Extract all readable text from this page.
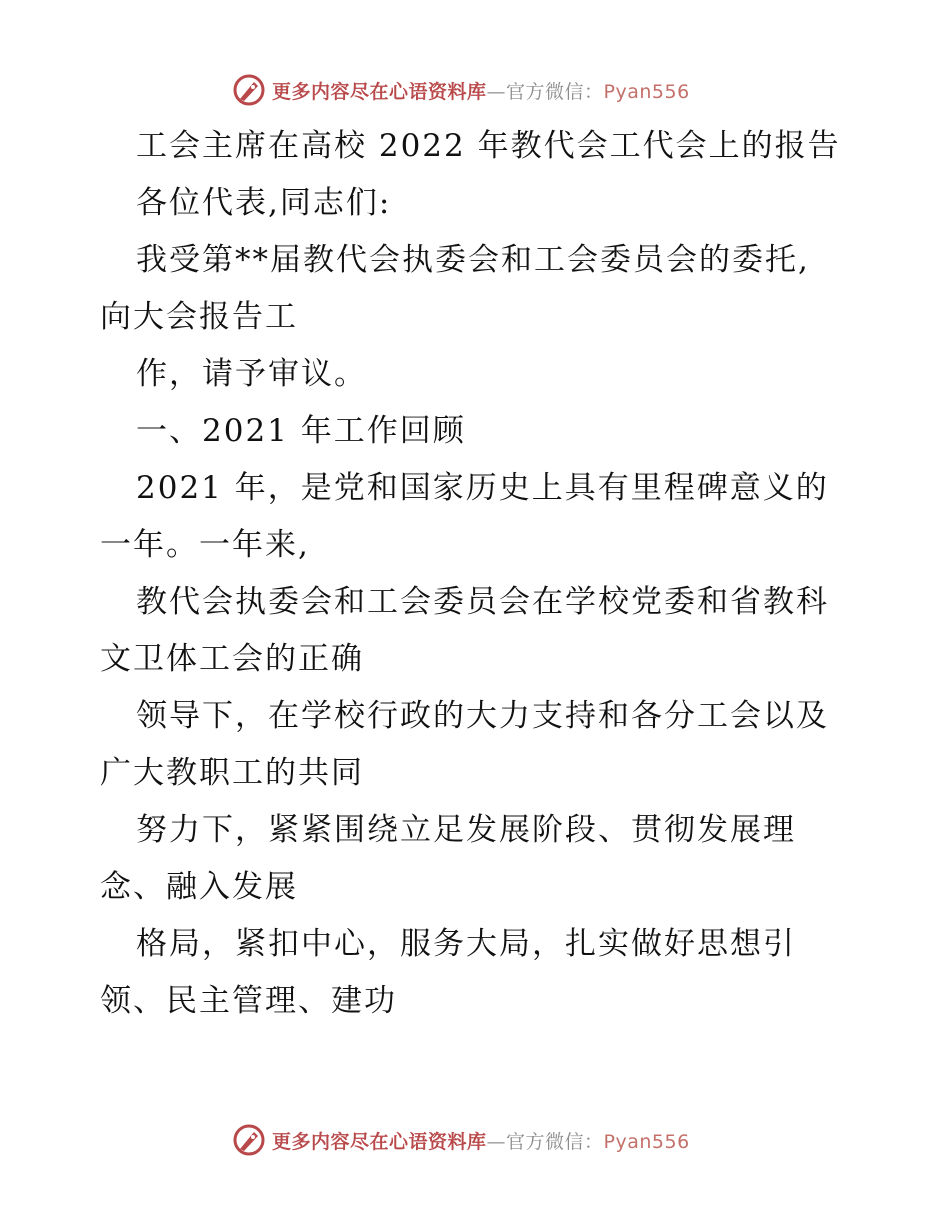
更多内容尽在心语资料库—官方微信：Pyan556
工会主席在高校 2022 年教代会工代会上的报告
各位代表,同志们:
我受第**届教代会执委会和工会委员会的委托,
向大会报告工
作，请予审议。
一、2021 年工作回顾
2021 年，是党和国家历史上具有里程碑意义的
一年。一年来,
教代会执委会和工会委员会在学校党委和省教科
文卫体工会的正确
领导下，在学校行政的大力支持和各分工会以及
广大教职工的共同
努力下，紧紧围绕立足发展阶段、贯彻发展理
念、融入发展
格局，紧扣中心，服务大局，扎实做好思想引
领、民主管理、建功
更多内容尽在心语资料库—官方微信：Pyan556
